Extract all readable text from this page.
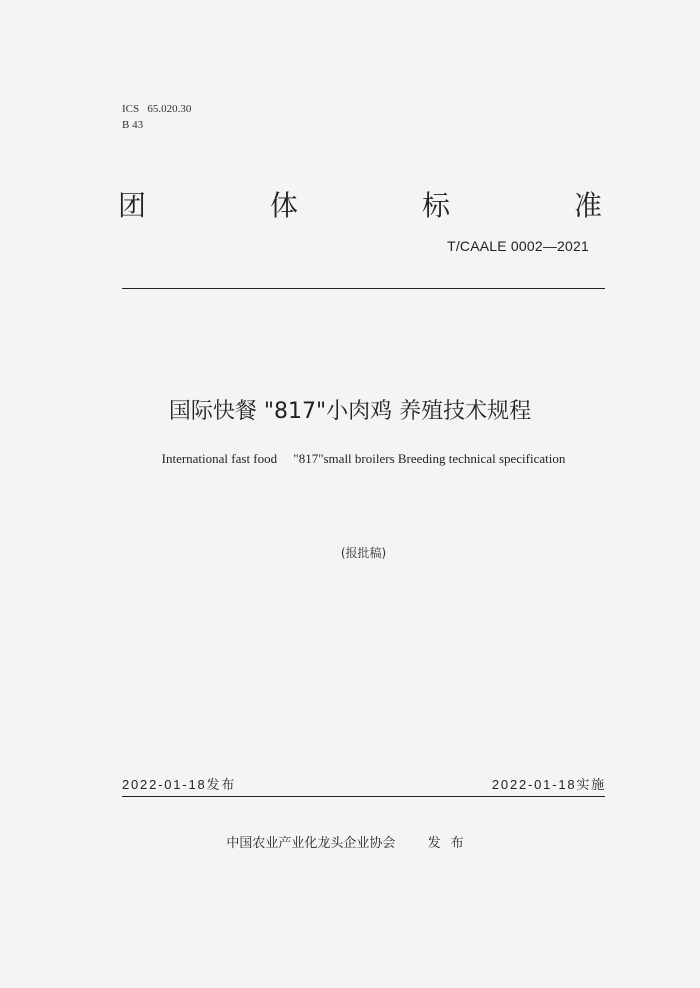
ICS   65.020.30
B 43
团	体	标	准
T/CAALE 0002—2021
国际快餐 "817"小肉鸡 养殖技术规程
International fast food     "817"small broilers Breeding technical specification
(报批稿)
2022-01-18发布	2022-01-18实施
中国农业产业化龙头企业协会 发布
